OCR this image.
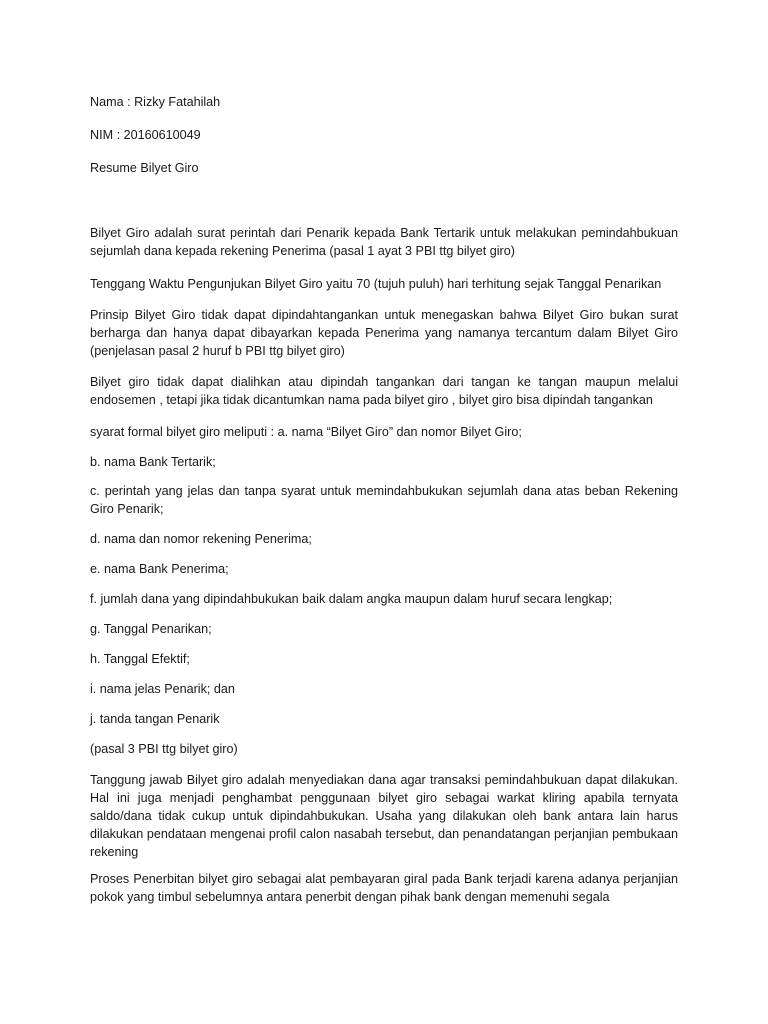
Nama : Rizky Fatahilah
NIM : 20160610049
Resume Bilyet Giro
Bilyet Giro adalah surat perintah dari Penarik kepada Bank Tertarik untuk melakukan pemindahbukuan sejumlah dana kepada rekening Penerima (pasal 1 ayat 3 PBI ttg bilyet giro)
Tenggang Waktu Pengunjukan Bilyet Giro yaitu 70 (tujuh puluh) hari terhitung sejak Tanggal Penarikan
Prinsip Bilyet Giro tidak dapat dipindahtangankan untuk menegaskan bahwa Bilyet Giro bukan surat berharga dan hanya dapat dibayarkan kepada Penerima yang namanya tercantum dalam Bilyet Giro (penjelasan pasal 2 huruf b PBI ttg bilyet giro)
Bilyet giro tidak dapat dialihkan atau dipindah tangankan dari tangan ke tangan maupun melalui endosemen , tetapi jika tidak dicantumkan nama pada bilyet giro , bilyet giro bisa dipindah tangankan
syarat formal bilyet giro meliputi : a. nama “Bilyet Giro” dan nomor Bilyet Giro;
b. nama Bank Tertarik;
c. perintah yang jelas dan tanpa syarat untuk memindahbukukan sejumlah dana atas beban Rekening Giro Penarik;
d. nama dan nomor rekening Penerima;
e. nama Bank Penerima;
f. jumlah dana yang dipindahbukukan baik dalam angka maupun dalam huruf secara lengkap;
g. Tanggal Penarikan;
h. Tanggal Efektif;
i. nama jelas Penarik; dan
j. tanda tangan Penarik
(pasal 3 PBI ttg bilyet giro)
Tanggung jawab Bilyet giro adalah menyediakan dana agar transaksi pemindahbukuan dapat dilakukan. Hal ini juga menjadi penghambat penggunaan bilyet giro sebagai warkat kliring apabila ternyata saldo/dana tidak cukup untuk dipindahbukukan. Usaha yang dilakukan oleh bank antara lain harus dilakukan pendataan mengenai profil calon nasabah tersebut, dan penandatangan perjanjian pembukaan rekening
Proses Penerbitan bilyet giro sebagai alat pembayaran giral pada Bank terjadi karena adanya perjanjian pokok yang timbul sebelumnya antara penerbit dengan pihak bank dengan memenuhi segala
